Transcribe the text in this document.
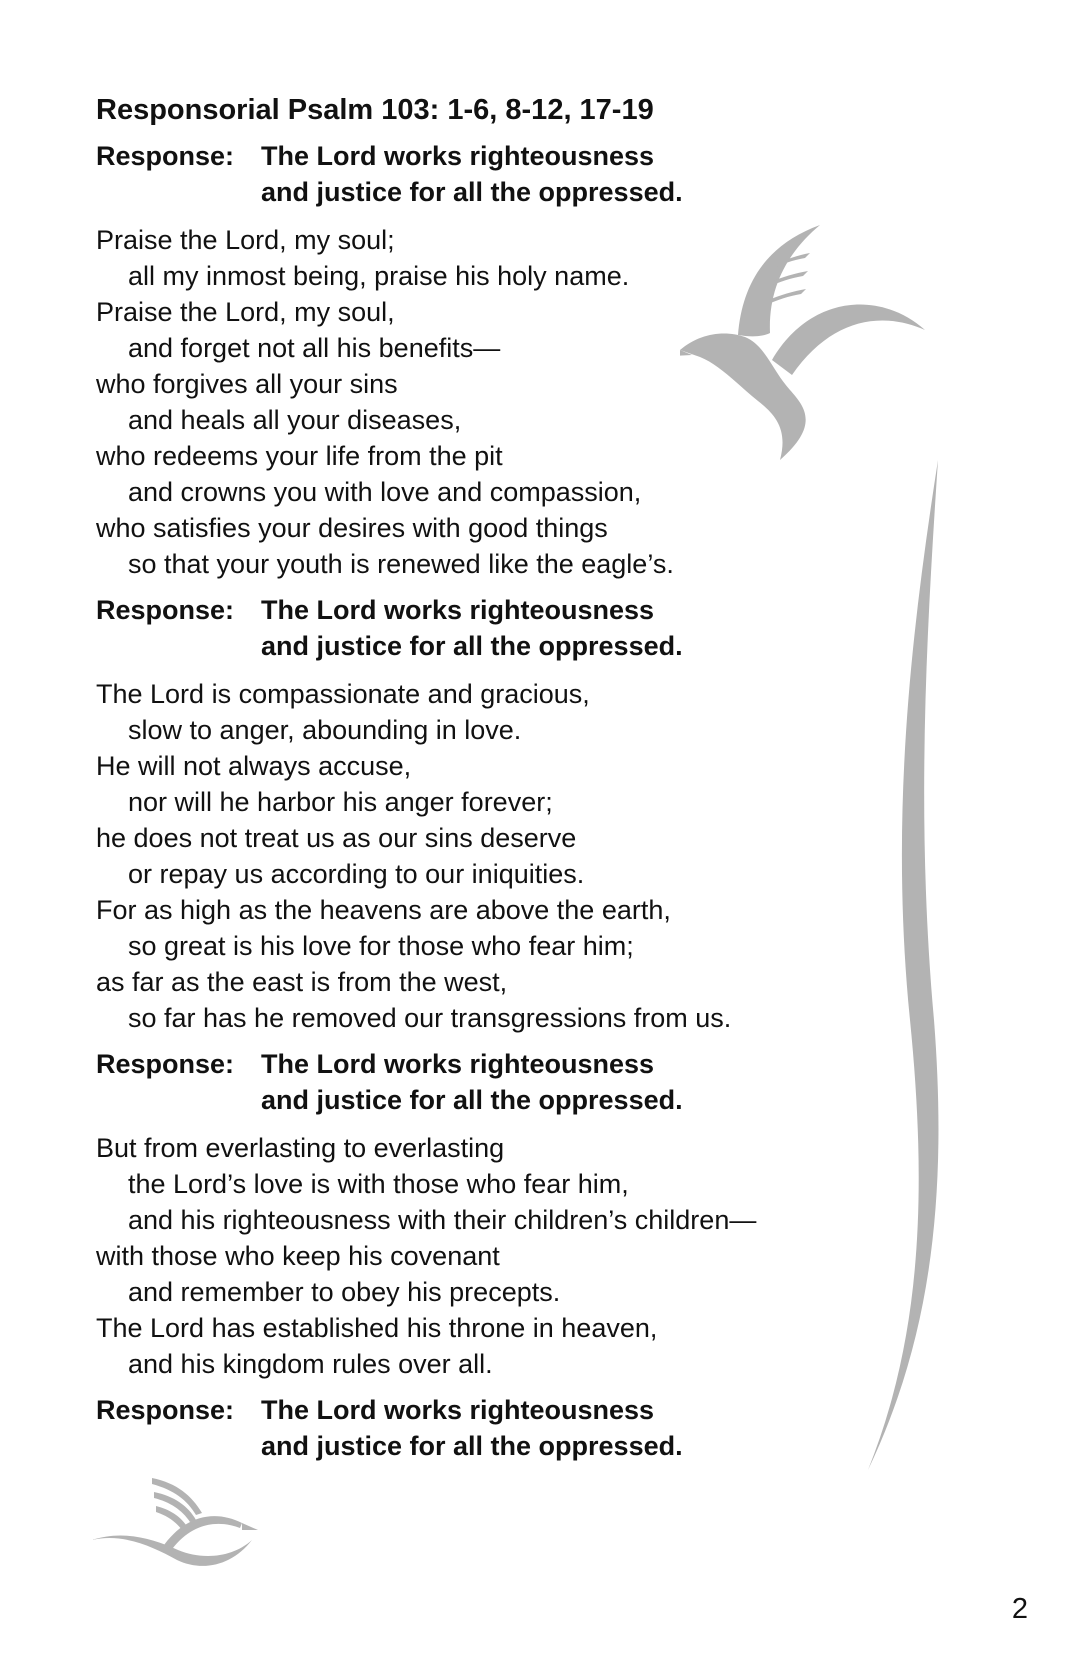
Responsorial Psalm 103: 1-6, 8-12, 17-19
Response: The Lord works righteousness
and justice for all the oppressed.
Praise the Lord, my soul;
all my inmost being, praise his holy name.
Praise the Lord, my soul,
and forget not all his benefits—
who forgives all your sins
and heals all your diseases,
who redeems your life from the pit
and crowns you with love and compassion,
who satisfies your desires with good things
so that your youth is renewed like the eagle’s.
Response: The Lord works righteousness
and justice for all the oppressed.
The Lord is compassionate and gracious,
slow to anger, abounding in love.
He will not always accuse,
nor will he harbor his anger forever;
he does not treat us as our sins deserve
or repay us according to our iniquities.
For as high as the heavens are above the earth,
so great is his love for those who fear him;
as far as the east is from the west,
so far has he removed our transgressions from us.
Response: The Lord works righteousness
and justice for all the oppressed.
But from everlasting to everlasting
the Lord’s love is with those who fear him,
and his righteousness with their children’s children—
with those who keep his covenant
and remember to obey his precepts.
The Lord has established his throne in heaven,
and his kingdom rules over all.
Response: The Lord works righteousness
and justice for all the oppressed.
2
